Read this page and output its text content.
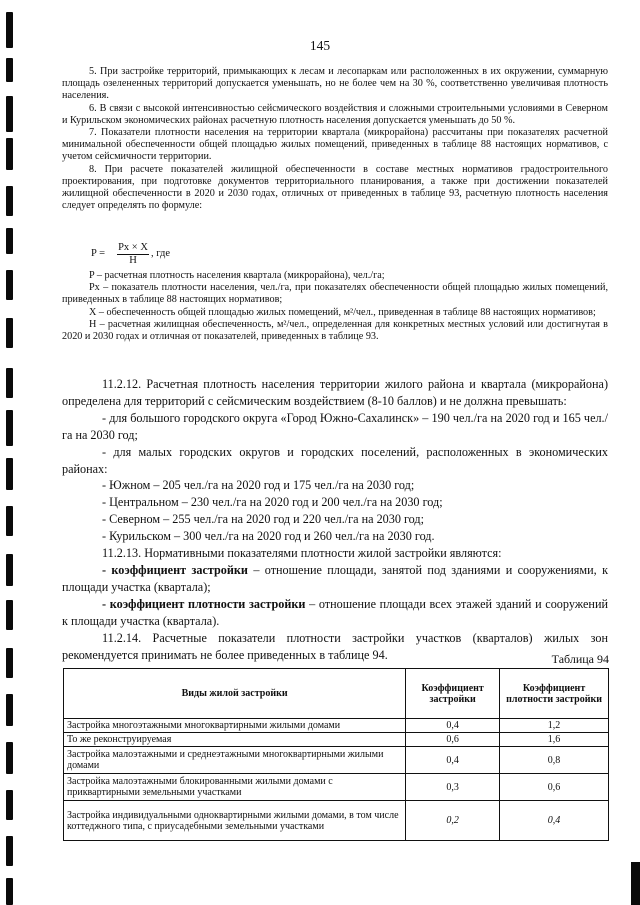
145

5. При застройке территорий, примыкающих к лесам и лесопаркам или расположенных в их окружении, суммарную площадь озелененных территорий допускается уменьшать, но не более чем на 30 %, соответственно увеличивая плотность населения.

6. В связи с высокой интенсивностью сейсмического воздействия и сложными строительными условиями в Северном и Курильском экономических районах расчетную плотность населения допускается уменьшать до 50 %.

7. Показатели плотности населения на территории квартала (микрорайона) рассчитаны при показателях расчетной минимальной обеспеченности общей площадью жилых помещений, приведенных в таблице 88 настоящих нормативов, с учетом сейсмичности территории.

8. При расчете показателей жилищной обеспеченности в составе местных нормативов градостроительного проектирования, при подготовке документов территориального планирования, а также при достижении показателей жилищной обеспеченности в 2020 и 2030 годах, отличных от приведенных в таблице 93, расчетную плотность населения следует определять по формуле:

P =
Pх × X
H
, где

P – расчетная плотность населения квартала (микрорайона), чел./га;

Pх – показатель плотности населения, чел./га, при показателях обеспеченности общей площадью жилых помещений, приведенных в таблице 88 настоящих нормативов;

X – обеспеченность общей площадью жилых помещений, м²/чел., приведенная в таблице 88 настоящих нормативов;

Н – расчетная жилищная обеспеченность, м²/чел., определенная для конкретных местных условий или достигнутая в 2020 и 2030 годах и отличная от показателей, приведенных в таблице 93.

11.2.12. Расчетная плотность населения территории жилого района и квартала (микрорайона) определена для территорий с сейсмическим воздействием (8-10 баллов) и не должна превышать:

- для большого городского округа «Город Южно-Сахалинск» – 190 чел./га на 2020 год и 165 чел./га на 2030 год;

- для малых городских округов и городских поселений, расположенных в экономических районах:

- Южном – 205 чел./га на 2020 год и 175 чел./га на 2030 год;

- Центральном – 230 чел./га на 2020 год и 200 чел./га на 2030 год;

- Северном – 255 чел./га на 2020 год и 220 чел./га на 2030 год;

- Курильском – 300 чел./га на 2020 год и 260 чел./га на 2030 год.

11.2.13. Нормативными показателями плотности жилой застройки являются:

- коэффициент застройки – отношение площади, занятой под зданиями и сооружениями, к площади участка (квартала);

- коэффициент плотности застройки – отношение площади всех этажей зданий и сооружений к площади участка (квартала).

11.2.14. Расчетные показатели плотности застройки участков (кварталов) жилых зон рекомендуется принимать не более приведенных в таблице 94.	Таблица 94
Виды жилой застройки	Коэффициент застройки	Коэффициент плотности застройки
Застройка многоэтажными многоквартирными жилыми домами	0,4	1,2
То же реконструируемая	0,6	1,6
Застройка малоэтажными и среднеэтажными многоквартирными жилыми домами	0,4	0,8
Застройка малоэтажными блокированными жилыми домами с приквартирными земельными участками	0,3	0,6
Застройка индивидуальными одноквартирными жилыми домами, в том числе коттеджного типа, с приусадебными земельными участками	0,2	0,4
